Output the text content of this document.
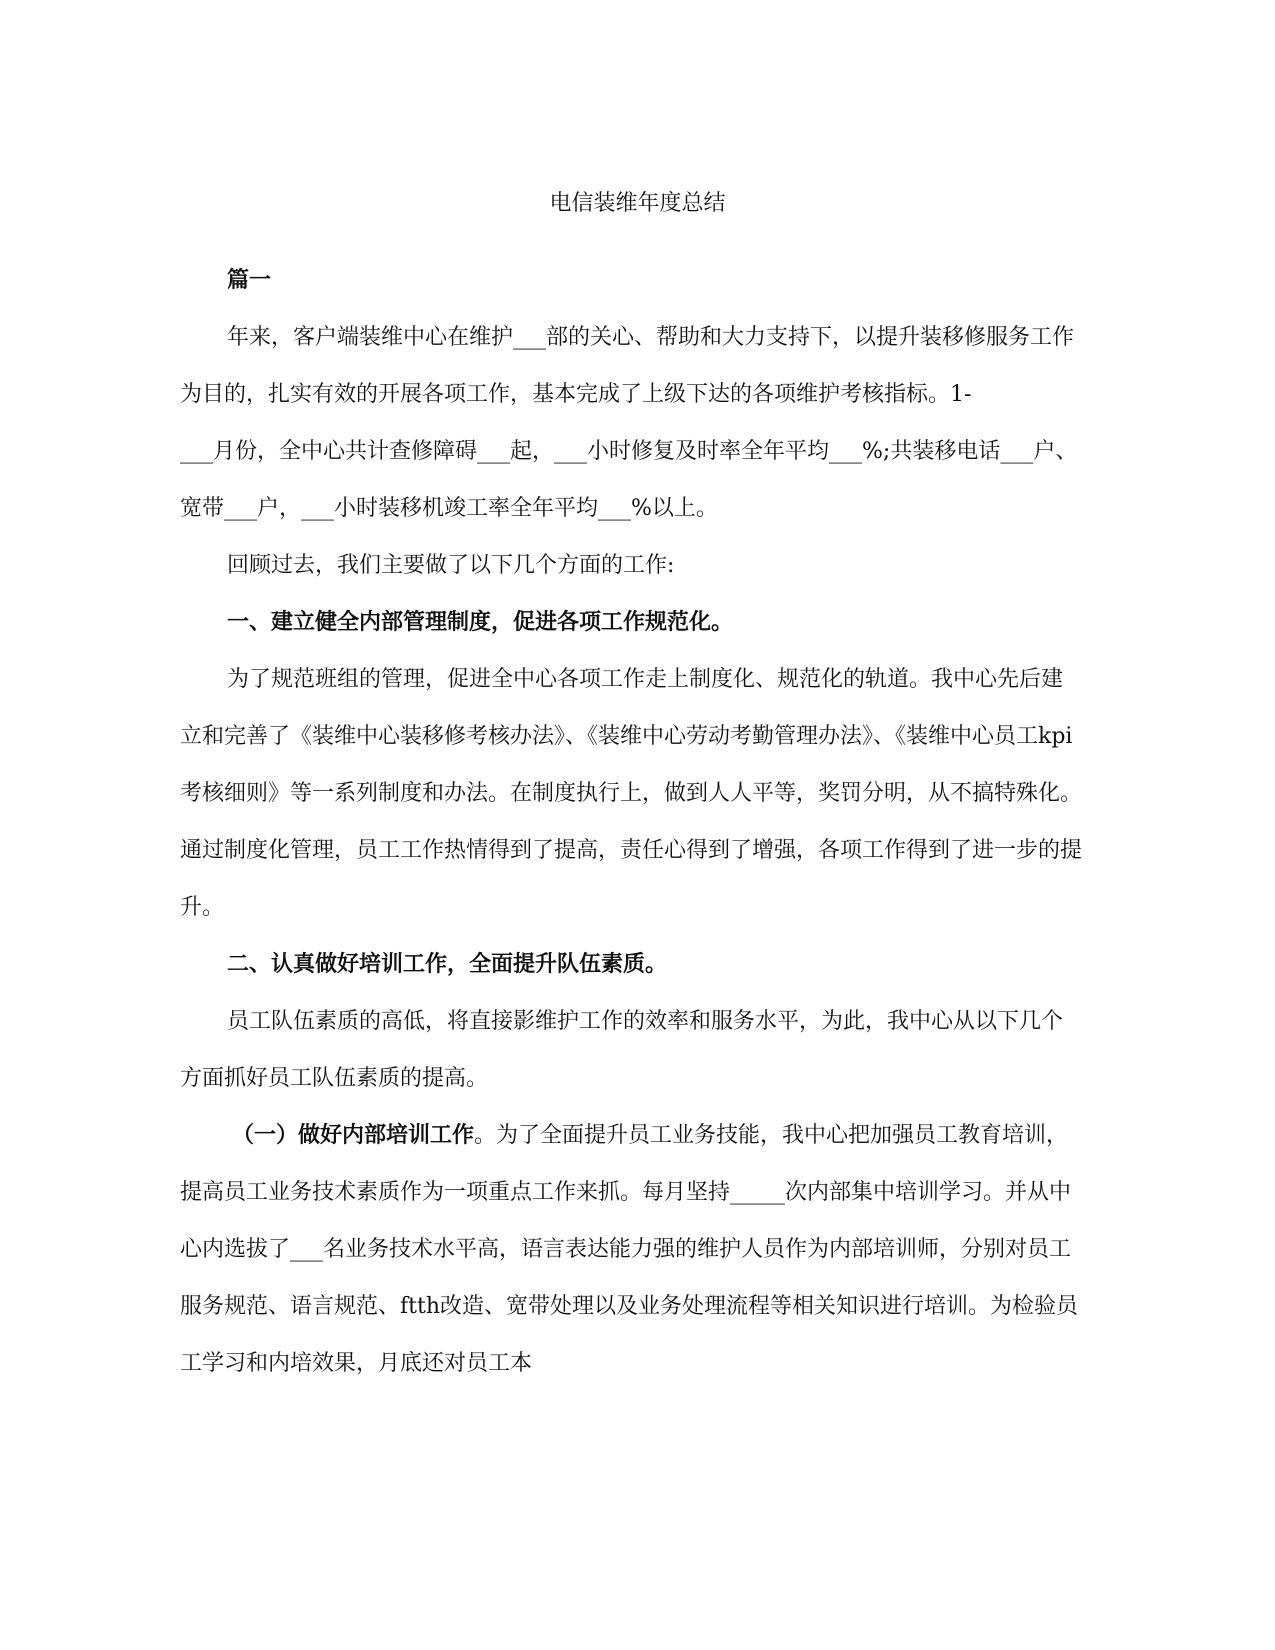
电信装维年度总结

篇一

年来，客户端装维中心在维护___部的关心、帮助和大力支持下，以提升装移修服务工作为目的，扎实有效的开展各项工作，基本完成了上级下达的各项维护考核指标。1-

___月份，全中心共计查修障碍___起，___小时修复及时率全年平均___%;共装移电话___户、宽带___户，___小时装移机竣工率全年平均___%以上。

回顾过去，我们主要做了以下几个方面的工作:

一、建立健全内部管理制度，促进各项工作规范化。

为了规范班组的管理，促进全中心各项工作走上制度化、规范化的轨道。我中心先后建立和完善了《装维中心装移修考核办法》、《装维中心劳动考勤管理办法》、《装维中心员工kpi考核细则》等一系列制度和办法。在制度执行上，做到人人平等，奖罚分明，从不搞特殊化。通过制度化管理，员工工作热情得到了提高，责任心得到了增强，各项工作得到了进一步的提升。

二、认真做好培训工作，全面提升队伍素质。

员工队伍素质的高低，将直接影维护工作的效率和服务水平，为此，我中心从以下几个方面抓好员工队伍素质的提高。

（一）做好内部培训工作。为了全面提升员工业务技能，我中心把加强员工教育培训，提高员工业务技术素质作为一项重点工作来抓。每月坚持_____次内部集中培训学习。并从中心内选拔了___名业务技术水平高，语言表达能力强的维护人员作为内部培训师，分别对员工服务规范、语言规范、ftth改造、宽带处理以及业务处理流程等相关知识进行培训。为检验员工学习和内培效果，月底还对员工本
